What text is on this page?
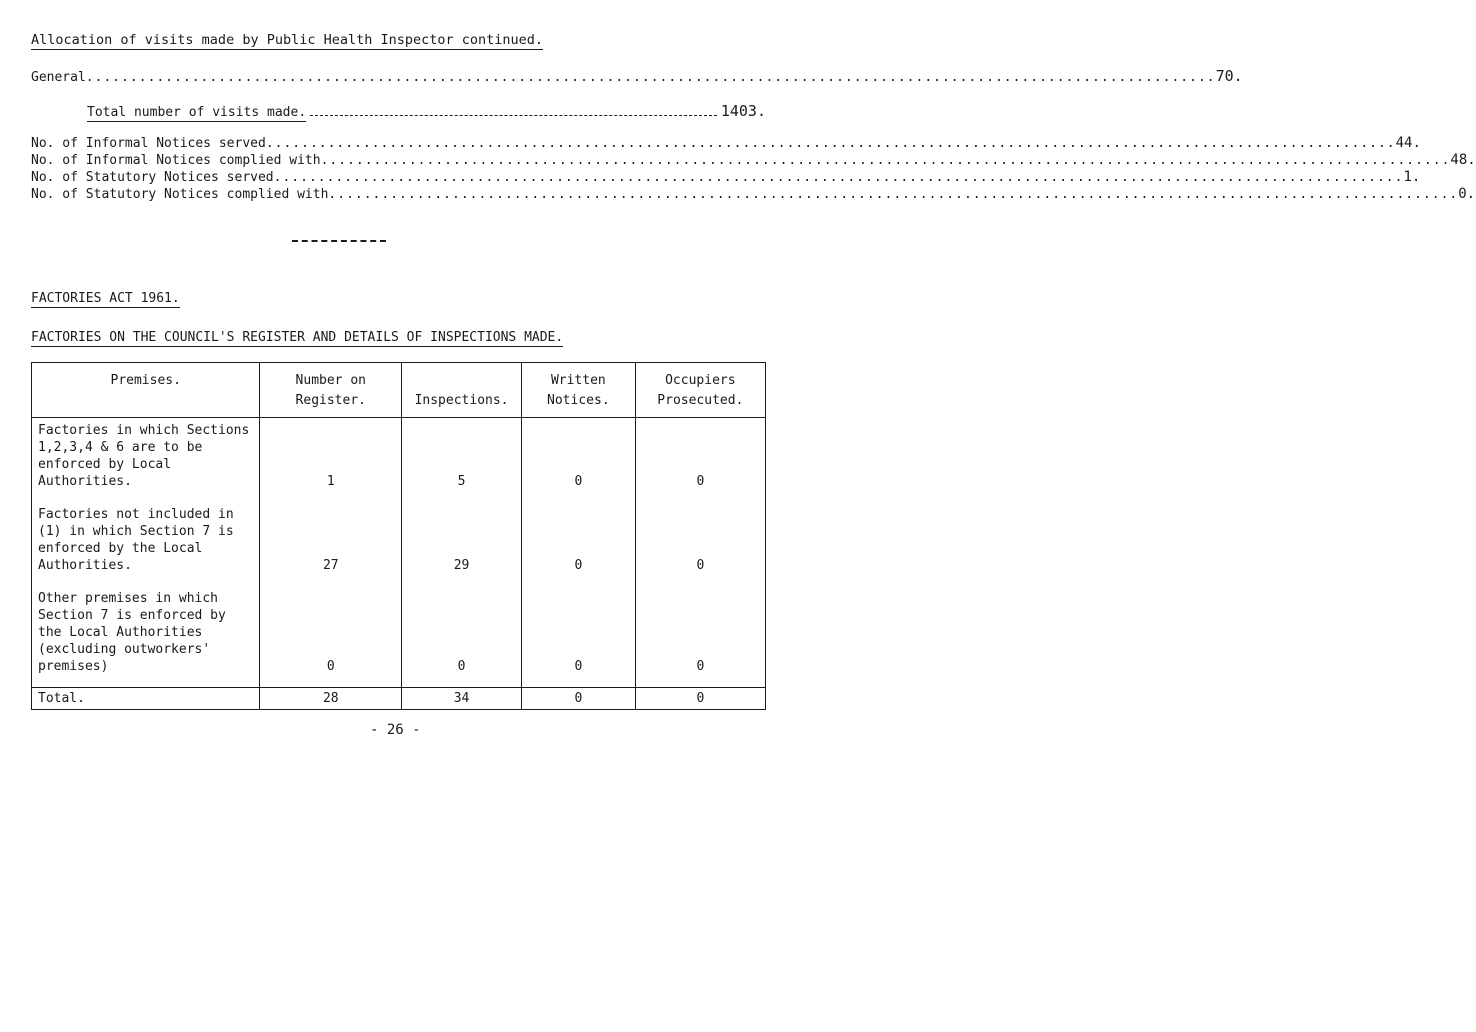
Allocation of visits made by Public Health Inspector continued.
General ................................................................................................................................ 70.
Total number of visits made.	1403.
No. of Informal Notices served ................................................................................................................................ 44.
No. of Informal Notices complied with ................................................................................................................................ 48.
No. of Statutory Notices served ................................................................................................................................ 1.
No. of Statutory Notices complied with ................................................................................................................................ 0.
FACTORIES ACT 1961.
FACTORIES ON THE COUNCIL'S REGISTER AND DETAILS OF INSPECTIONS MADE.
Premises.	Number on Register.	Inspections.	Written Notices.	Occupiers Prosecuted.

Factories in which Sections 1,2,3,4 & 6 are to be enforced by Local Authorities.	1	5	0	0
Factories not included in (1) in which Section 7 is enforced by the Local Authorities.	27	29	0	0
Other premises in which Section 7 is enforced by the Local Authorities (excluding outworkers' premises)	0	0	0	0
Total.	28	34	0	0
- 26 -
